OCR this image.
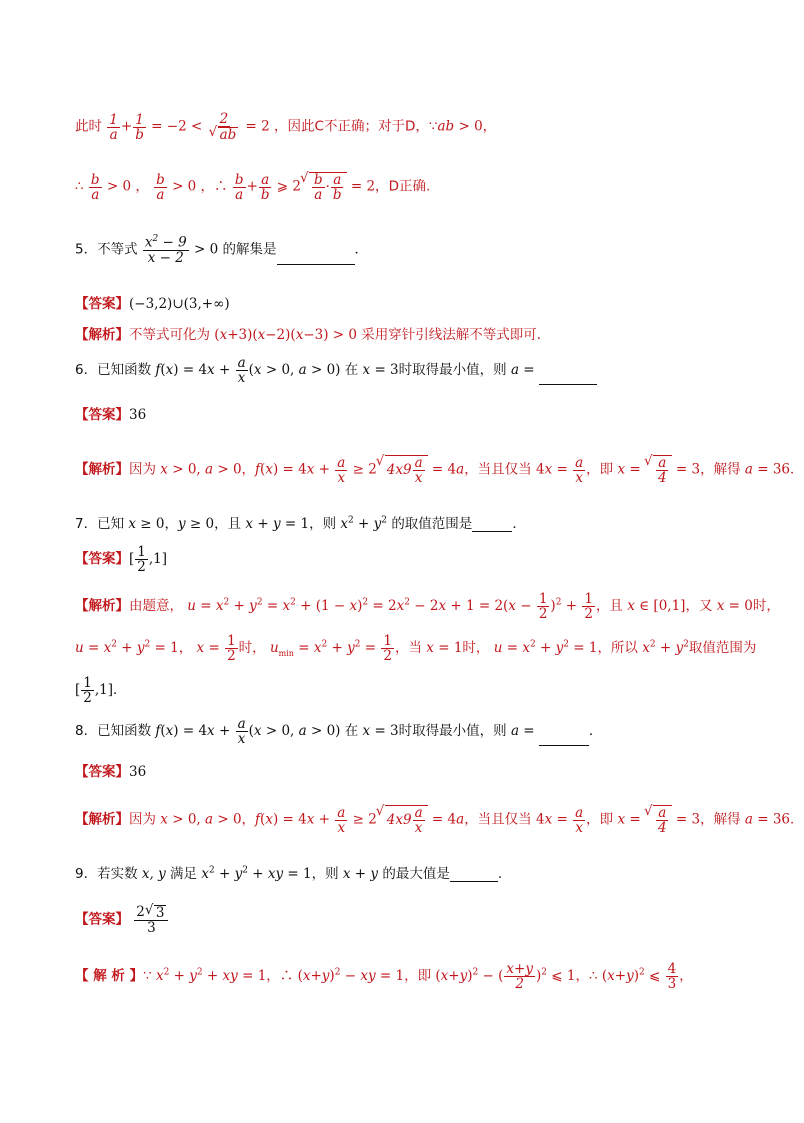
此时 $\frac{1}{a} + \frac{1}{b} = -2 < 2$
√ ab = 2 ，因此C不正确；对于D，∵ab > 0，
∴ $\frac{b}{a} > 0$ ， $\frac{b}{a} > 0$ ，∴ $\frac{b}{a} + \frac{a}{b}$ ⩾ 2
√ $\frac{b}{a} \cdot \frac{a}{b} = 2$，D正确.
5．不等式 $\frac{x^2 - 9}{x - 2} > 0$ 的解集是	．
【答案】(−3,2)∪(3,+∞)
【解析】不等式可化为 (x+3)(x−2)(x−3) > 0 采用穿针引线法解不等式即可．
6．已知函数 $f(x) = 4x + \frac{a}{x} (x > 0$, a > 0) 在 x = 3时取得最小值，则 a =
【答案】36
【解析】因为 x > 0, a > 0，$f(x) = 4x + \frac{a}{x} \ge 2√$ $4x9 \frac{a}{x} = 4a$，当且仅当 $4x = \frac{a}{x}$ ，即 x =
√ $\frac{a}{4} = 3$，解得 a = 36．
7．已知 x ≥ 0，y ≥ 0，且 x + y = 1，则 $x^2 + y^2$ 的取值范围是	．
【答案】[ $\frac{1}{2} ,1$]
【解析】由题意， $u = x^2 + y^2 = x^2 + (1 - x)^2 = 2x^2 - 2x + 1 = 2(x - \frac{1}{2} )^2 + \frac{1}{2}$ ，且 x ∈ [0,1]，又 x = 0时，
$u = x^2 + y^2 = 1$， $x = \frac{1}{2}$ 时， $u_{min} = x^2 + y^2 = \frac{1}{2}$ ，当 x = 1时， $u = x^2 + y^2 = 1$，所以 $x^2 + y^2$取值范围为
[ $\frac{1}{2} ,1$]．
8．已知函数 $f(x) = 4x + \frac{a}{x} (x > 0$, a > 0) 在 x = 3时取得最小值，则 a =	．
【答案】36
【解析】因为 x > 0, a > 0，$f(x) = 4x + \frac{a}{x} \ge 2√$ $4x9 \frac{a}{x} = 4a$，当且仅当 $4x = \frac{a}{x}$ ，即 x =
√ $\frac{a}{4} = 3$，解得 a = 36．
9．若实数 x, y 满足 $x^2 + y^2$ + xy = 1，则 x + y 的最大值是	．
【答案】 $\frac{2√ 3}{3}$
【 解 析 】∵ $x^2 + y^2$ + xy = 1，∴ $(x+y)^2$ − xy = 1，即 $(x+y)^2$ − ( $\frac{x+y}{2} )^2$ ⩽ 1，∴ $(x+y)^2$ ⩽ $\frac{4}{3}$ ，
